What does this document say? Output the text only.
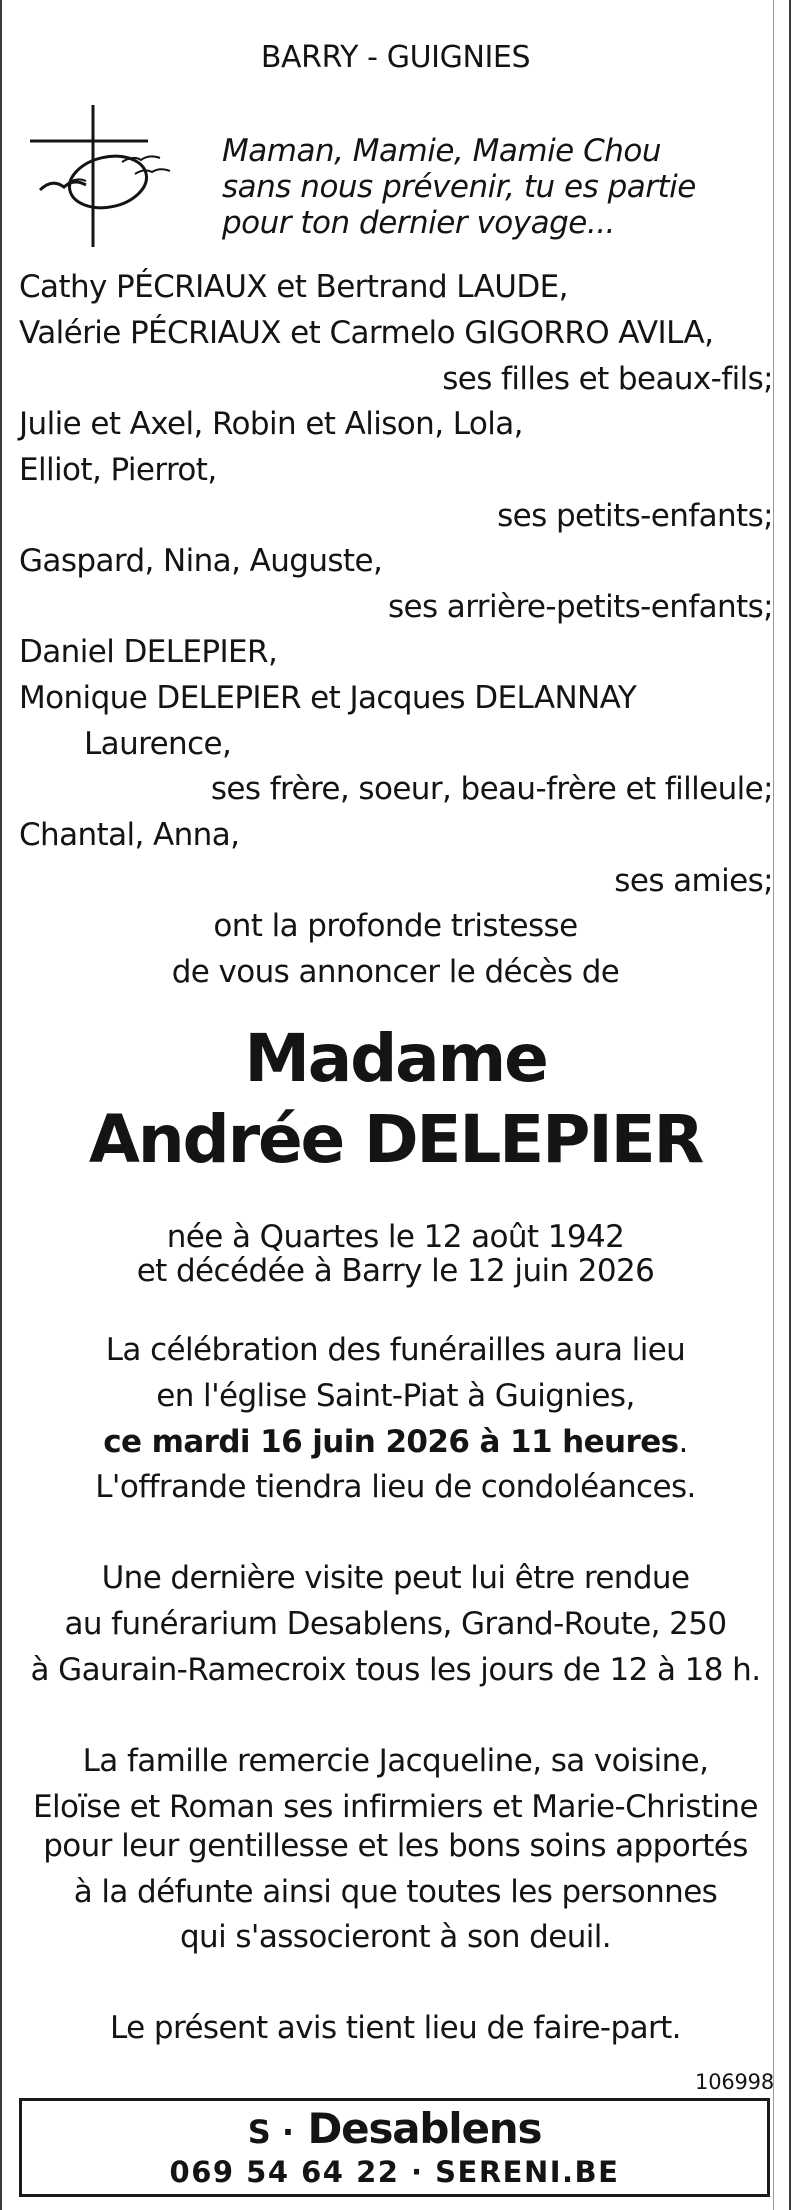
BARRY - GUIGNIES
Maman, Mamie, Mamie Chou
sans nous prévenir, tu es partie
pour ton dernier voyage...
Cathy PÉCRIAUX et Bertrand LAUDE,
Valérie PÉCRIAUX et Carmelo GIGORRO AVILA,
ses filles et beaux-fils;
Julie et Axel, Robin et Alison, Lola,
Elliot, Pierrot,
ses petits-enfants;
Gaspard, Nina, Auguste,
ses arrière-petits-enfants;
Daniel DELEPIER,
Monique DELEPIER et Jacques DELANNAY
Laurence,
ses frère, soeur, beau-frère et filleule;
Chantal, Anna,
ses amies;
ont la profonde tristesse
de vous annoncer le décès de
Madame
Andrée DELEPIER
née à Quartes le 12 août 1942
et décédée à Barry le 12 juin 2026
La célébration des funérailles aura lieu
en l'église Saint-Piat à Guignies,
ce mardi 16 juin 2026 à 11 heures.
L'offrande tiendra lieu de condoléances.
Une dernière visite peut lui être rendue
au funérarium Desablens, Grand-Route, 250
à Gaurain-Ramecroix tous les jours de 12 à 18 h.
La famille remercie Jacqueline, sa voisine,
Eloïse et Roman ses infirmiers et Marie-Christine
pour leur gentillesse et les bons soins apportés
à la défunte ainsi que toutes les personnes
qui s'associeront à son deuil.
Le présent avis tient lieu de faire-part.
106998
S · Desablens
069 54 64 22 · SERENI.BE
